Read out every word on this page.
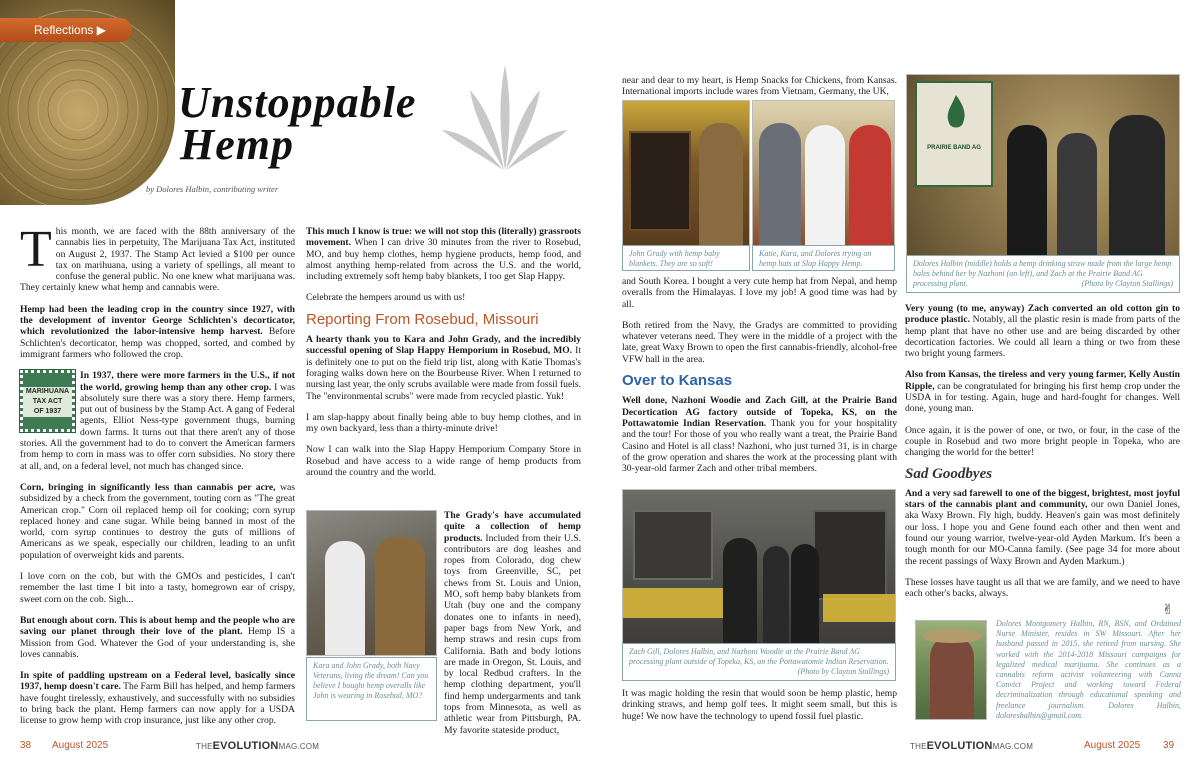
Reflections ▶
Unstoppable
Hemp
by Dolores Halbin, contributing writer

T his month, we are faced with the 88th anniversary of the cannabis lies in perpetuity, The Marijuana Tax Act, instituted on August 2, 1937. The Stamp Act levied a $100 per ounce tax on marihuana, using a variety of spellings, all meant to confuse the general public. No one knew what marijuana was. They certainly knew what hemp and cannabis were.

Hemp had been the leading crop in the country since 1927, with the development of inventor George Schlichten's decorticator, which revolutionized the labor-intensive hemp harvest. Before Schlichten's decorticator, hemp was chopped, sorted, and combed by immigrant farmers who followed the crop.

MARIHUANA
TAX ACT
OF 1937
In 1937, there were more farmers in the U.S., if not the world, growing hemp than any other crop. I was absolutely sure there was a story there. Hemp farmers, put out of business by the Stamp Act. A gang of Federal agents, Elliot Ness-type government thugs, burning down farms. It turns out that there aren't any of those stories. All the government had to do to convert the American farmers from hemp to corn in mass was to offer corn subsidies. No story there at all, and, on a federal level, not much has changed since.

Corn, bringing in significantly less than cannabis per acre, was subsidized by a check from the government, touting corn as "The great American crop." Corn oil replaced hemp oil for cooking; corn syrup replaced honey and cane sugar. While being banned in most of the world, corn syrup continues to destroy the guts of millions of Americans as we speak, especially our children, leading to an unfit population of overweight kids and parents.

I love corn on the cob, but with the GMOs and pesticides, I can't remember the last time I bit into a tasty, homegrown ear of crispy, sweet corn on the cob. Sigh...

But enough about corn. This is about hemp and the people who are saving our planet through their love of the plant. Hemp IS a Mission from God. Whatever the God of your understanding is, she loves cannabis.

In spite of paddling upstream on a Federal level, basically since 1937, hemp doesn't care. The Farm Bill has helped, and hemp farmers have fought tirelessly, exhaustively, and successfully with no subsidies to bring back the plant. Hemp farmers can now apply for a USDA license to grow hemp with crop insurance, just like any other crop.

This much I know is true: we will not stop this (literally) grassroots movement. When I can drive 30 minutes from the river to Rosebud, MO, and buy hemp clothes, hemp hygiene products, hemp food, and almost anything hemp-related from across the U.S. and the world, including extremely soft hemp baby blankets, I too get Slap Happy.

Celebrate the hempers around us with us!

Reporting From Rosebud, Missouri

A hearty thank you to Kara and John Grady, and the incredibly successful opening of Slap Happy Hemporium in Rosebud, MO. It is definitely one to put on the field trip list, along with Katie Thomas's foraging walks down here on the Bourbeuse River. When I returned to nursing last year, the only scrubs available were made from fossil fuels. The "environmental scrubs" were made from recycled plastic. Yuk!

I am slap-happy about finally being able to buy hemp clothes, and in my own backyard, less than a thirty-minute drive!

Now I can walk into the Slap Happy Hemporium Company Store in Rosebud and have access to a wide range of hemp products from around the country and the world.

Kara and John Grady, both Navy Veterans, living the dream! Can you believe I bought hemp overalls like John is wearing in Rosebud, MO?

The Grady's have accumulated quite a collection of hemp products. Included from their U.S. contributors are dog leashes and ropes from Colorado, dog chew toys from Greenville, SC, pet chews from St. Louis and Union, MO, soft hemp baby blankets from Utah (buy one and the company donates one to infants in need), paper bags from New York, and hemp straws and resin cups from California. Bath and body lotions are made in Oregon, St. Louis, and by local Redbud crafters. In the hemp clothing department, you'll find hemp undergarments and tank tops from Minnesota, as well as athletic wear from Pittsburgh, PA. My favorite stateside product,

near and dear to my heart, is Hemp Snacks for Chickens, from Kansas. International imports include wares from Vietnam, Germany, the UK,
John Grady with hemp baby blankets. They are so soft!
Katie, Kara, and Dolores trying on hemp hats at Slap Happy Hemp.

and South Korea. I bought a very cute hemp hat from Nepal, and hemp overalls from the Himalayas. I love my job! A good time was had by all.

Both retired from the Navy, the Gradys are committed to providing whatever veterans need. They were in the middle of a project with the late, great Waxy Brown to open the first cannabis-friendly, alcohol-free VFW hall in the area.

Over to Kansas

Well done, Nazhoni Woodie and Zach Gill, at the Prairie Band Decortication AG factory outside of Topeka, KS, on the Pottawatomie Indian Reservation. Thank you for your hospitality and the tour! For those of you who really want a treat, the Prairie Band Casino and Hotel is all class! Nazhoni, who just turned 31, is in charge of the grow operation and shares the work at the processing plant with 30-year-old farmer Zach and other tribal members.

Zach Gill, Dolores Halbin, and Nazhoni Woodie at the Prairie Band AG processing plant outside of Topeka, KS, on the Pottawatomie Indian Reservation.
(Photo by Clayton Stallings)
It was magic holding the resin that would soon be hemp plastic, hemp drinking straws, and hemp golf tees. It might seem small, but this is huge! We now have the technology to upend fossil fuel plastic.
PRAIRIE BAND AG
Dolores Halbin (middle) holds a hemp drinking straw made from the large hemp bales behind her by Nazhoni (on left), and Zach at the Prairie Band AG processing plant.	(Photo by Clayton Stallings)

Very young (to me, anyway) Zach converted an old cotton gin to produce plastic. Notably, all the plastic resin is made from parts of the hemp plant that have no other use and are being discarded by other decortication factories. We could all learn a thing or two from these two bright young farmers.

Also from Kansas, the tireless and very young farmer, Kelly Austin Ripple, can be congratulated for bringing his first hemp crop under the USDA in for testing. Again, huge and hard-fought for changes. Well done, young man.

Once again, it is the power of one, or two, or four, in the case of the couple in Rosebud and two more bright people in Topeka, who are changing the world for the better!

Sad Goodbyes

And a very sad farewell to one of the biggest, brightest, most joyful stars of the cannabis plant and community, our own Daniel Jones, aka Waxy Brown. Fly high, buddy. Heaven's gain was most definitely our loss. I hope you and Gene found each other and then went and found our young warrior, twelve-year-old Ayden Markum. It's been a tough month for our MO-Canna family. (See page 34 for more about the recent passings of Waxy Brown and Ayden Markum.)

These losses have taught us all that we are family, and we need to have each other's backs, always.

✌
Dolores Montgomery Halbin, RN, BSN, and Ordained Nurse Minister, resides in SW Missouri. After her husband passed in 2015, she retired from nursing. She worked with the 2014-2018 Missouri campaigns for legalized medical marijuana. She continues as a cannabis reform activist volunteering with Canna Convict Project and working toward Federal decriminalization through educational speaking and freelance journalism. Dolores Halbin, doloreshalbin@gmail.com.
38 August 2025	THEEVOLUTIONMAG.COM	THEEVOLUTIONMAG.COM	August 2025 39
